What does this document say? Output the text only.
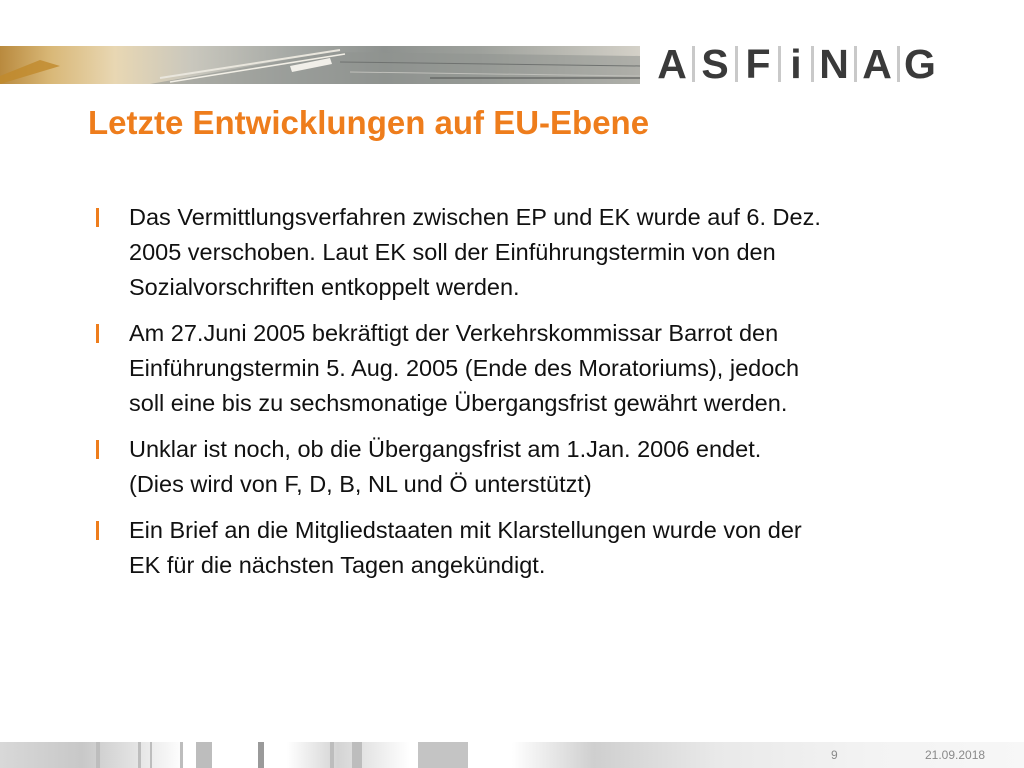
A S F i N A G
Letzte Entwicklungen auf EU-Ebene
Das Vermittlungsverfahren zwischen EP und EK wurde auf 6. Dez.
2005 verschoben. Laut EK soll der Einführungstermin von den
Sozialvorschriften entkoppelt werden.
Am 27.Juni 2005 bekräftigt der Verkehrskommissar Barrot den
Einführungstermin 5. Aug. 2005 (Ende des Moratoriums), jedoch
soll eine bis zu sechsmonatige Übergangsfrist gewährt werden.
Unklar ist noch, ob die Übergangsfrist am 1.Jan. 2006 endet.
(Dies wird von F, D, B, NL und Ö unterstützt)
Ein Brief an die Mitgliedstaaten mit Klarstellungen wurde von der
EK für die nächsten Tagen angekündigt.
9	21.09.2018
